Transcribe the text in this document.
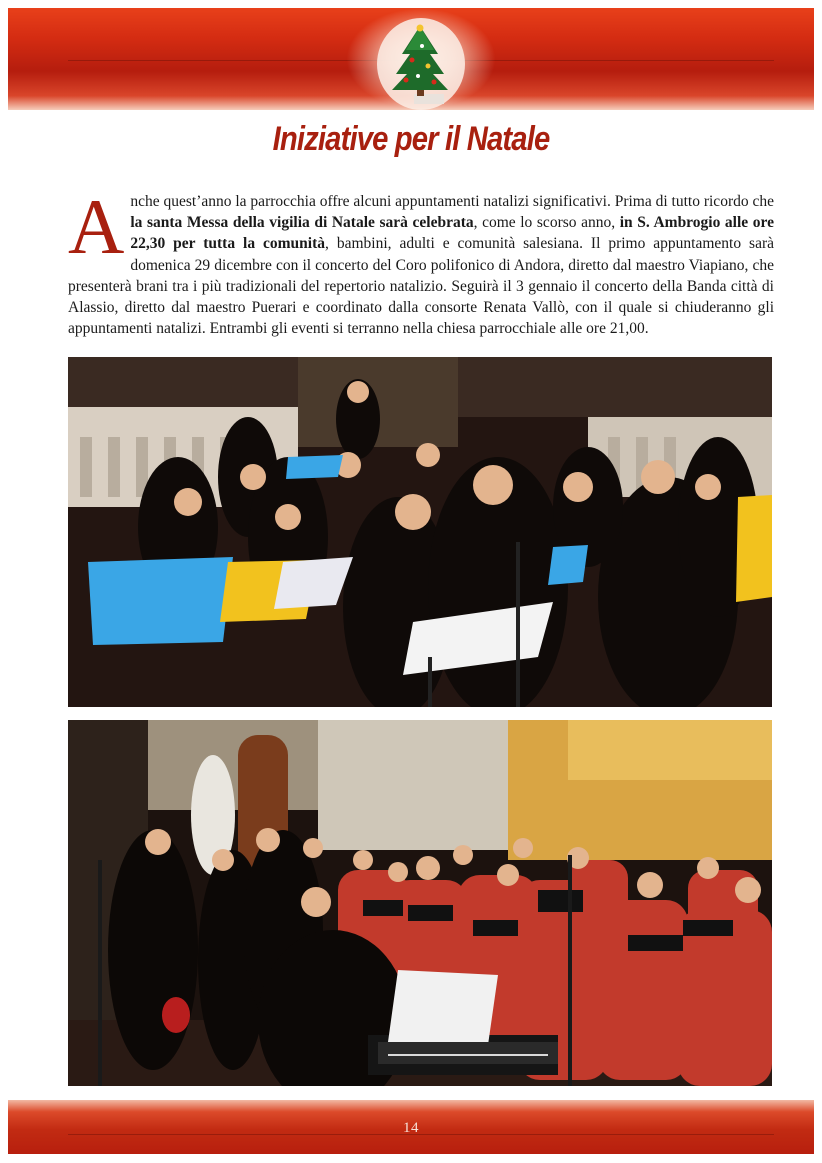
Iniziative per il Natale

Anche quest’anno la parrocchia offre alcuni appuntamenti natalizi significativi. Prima di tutto ricordo che la santa Messa della vigilia di Natale sarà celebrata, come lo scorso anno, in S. Ambrogio alle ore 22,30 per tutta la comunità, bambini, adulti e comunità salesiana. Il primo appuntamento sarà domenica 29 dicembre con il concerto del Coro polifonico di Andora, diretto dal maestro Viapiano, che presenterà brani tra i più tradizionali del repertorio natalizio. Seguirà il 3 gennaio il concerto della Banda città di Alassio, diretto dal maestro Puerari e coordinato dalla consorte Renata Vallò, con il quale si chiuderanno gli appuntamenti natalizi. Entrambi gli eventi si terranno nella chiesa parrocchiale alle ore 21,00.

14
